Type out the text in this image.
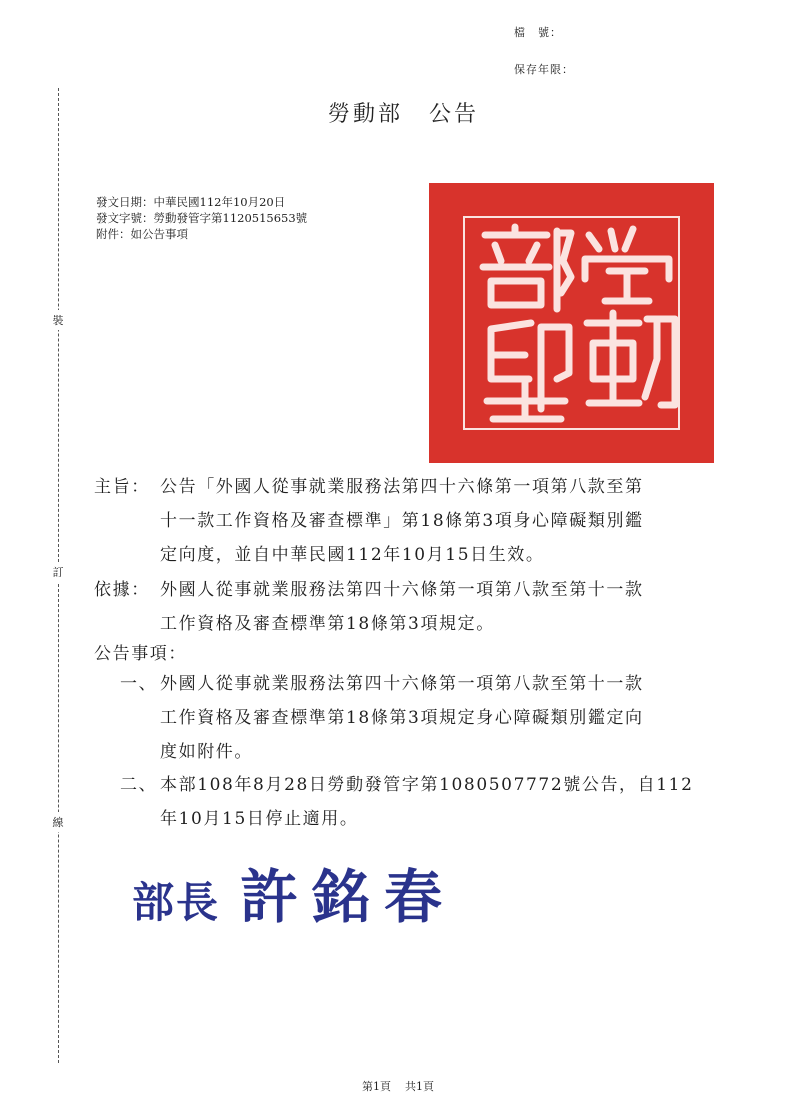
檔　號：
保存年限：
裝
訂
線
勞動部 公告
發文日期：中華民國112年10月20日
發文字號：勞動發管字第1120515653號
附件：如公告事項
主旨： 公告「外國人從事就業服務法第四十六條第一項第八款至第
十一款工作資格及審查標準」第18條第3項身心障礙類別鑑
定向度，並自中華民國112年10月15日生效。
依據： 外國人從事就業服務法第四十六條第一項第八款至第十一款
工作資格及審查標準第18條第3項規定。
公告事項：
一、 外國人從事就業服務法第四十六條第一項第八款至第十一款
工作資格及審查標準第18條第3項規定身心障礙類別鑑定向
度如附件。
二、 本部108年8月28日勞動發管字第1080507772號公告，自112
年10月15日停止適用。
部長 許銘春
第1頁 共1頁
